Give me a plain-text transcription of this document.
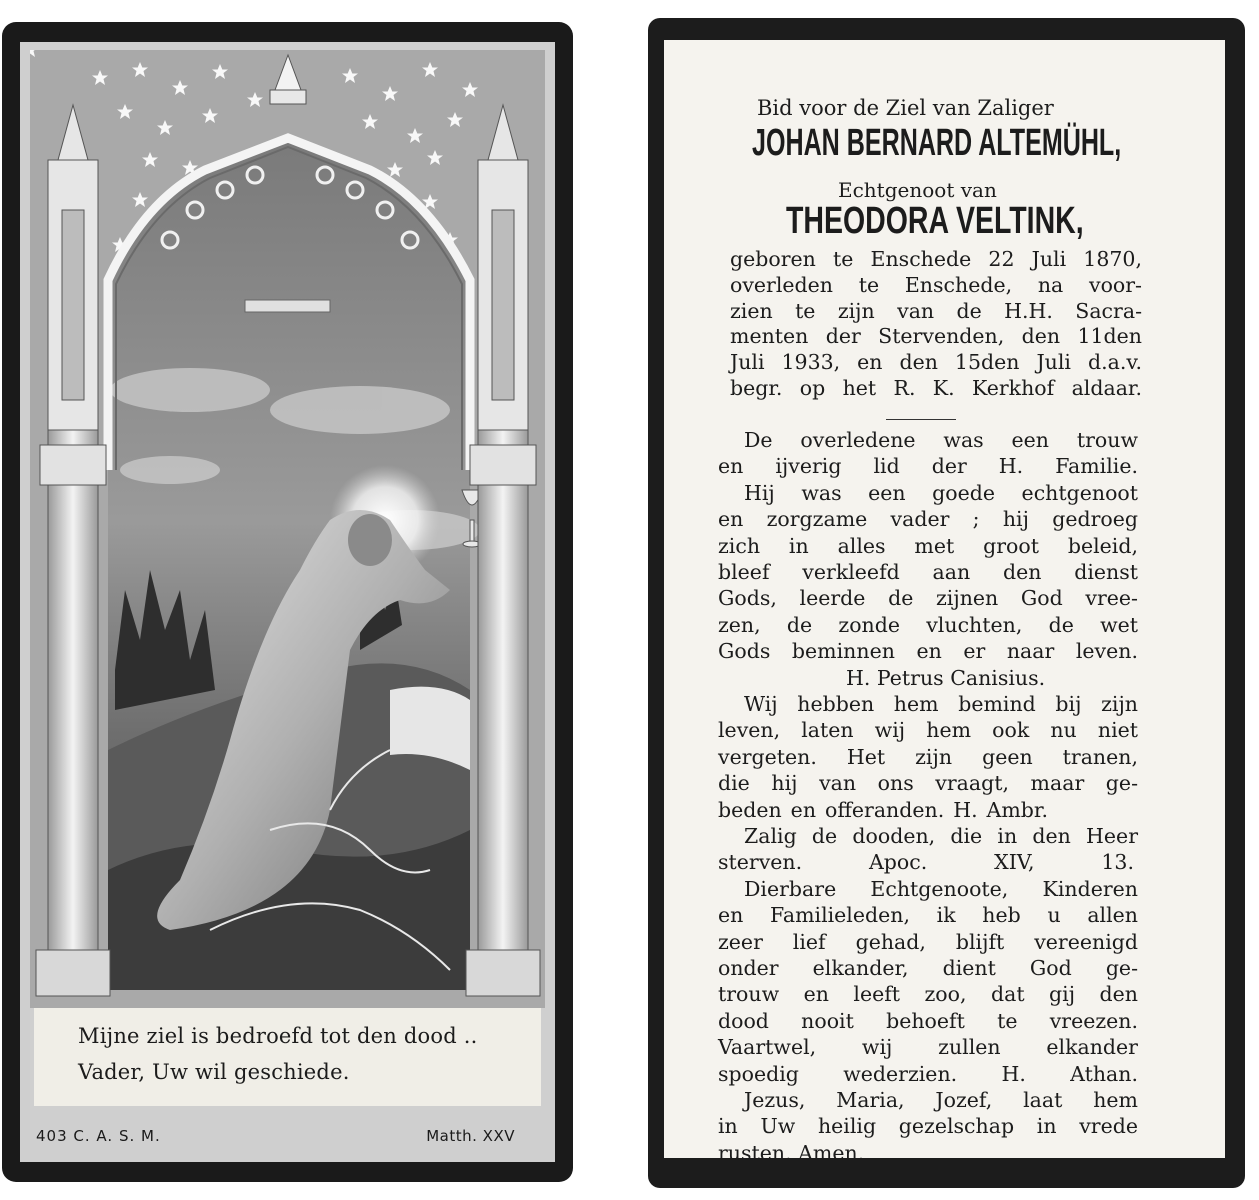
Mijne ziel is bedroefd tot den dood ..
Vader, Uw wil geschiede.
403 C. A. S. M.	Matth. XXV
Bid voor de Ziel van Zaliger
JOHAN BERNARD ALTEMÜHL,
Echtgenoot van
THEODORA VELTINK,
geboren te Enschede 22 Juli 1870,
overleden te Enschede, na voor-
zien te zijn van de H.H. Sacra-
menten der Stervenden, den 11den
Juli 1933, en den 15den Juli d.a.v.
begr. op het R. K. Kerkhof aldaar.
De overledene was een trouw
en ijverig lid der H. Familie.
Hij was een goede echtgenoot
en zorgzame vader ; hij gedroeg
zich in alles met groot beleid,
bleef verkleefd aan den dienst
Gods, leerde de zijnen God vree-
zen, de zonde vluchten, de wet
Gods beminnen en er naar leven.
H. Petrus Canisius.
Wij hebben hem bemind bij zijn
leven, laten wij hem ook nu niet
vergeten. Het zijn geen tranen,
die hij van ons vraagt, maar ge-
beden en offeranden. H. Ambr.
Zalig de dooden, die in den Heer
sterven. Apoc. XIV, 13.
Dierbare Echtgenoote, Kinderen
en Familieleden, ik heb u allen
zeer lief gehad, blijft vereenigd
onder elkander, dient God ge-
trouw en leeft zoo, dat gij den
dood nooit behoeft te vreezen.
Vaartwel, wij zullen elkander
spoedig wederzien. H. Athan.
Jezus, Maria, Jozef, laat hem
in Uw heilig gezelschap in vrede
rusten. Amen.
